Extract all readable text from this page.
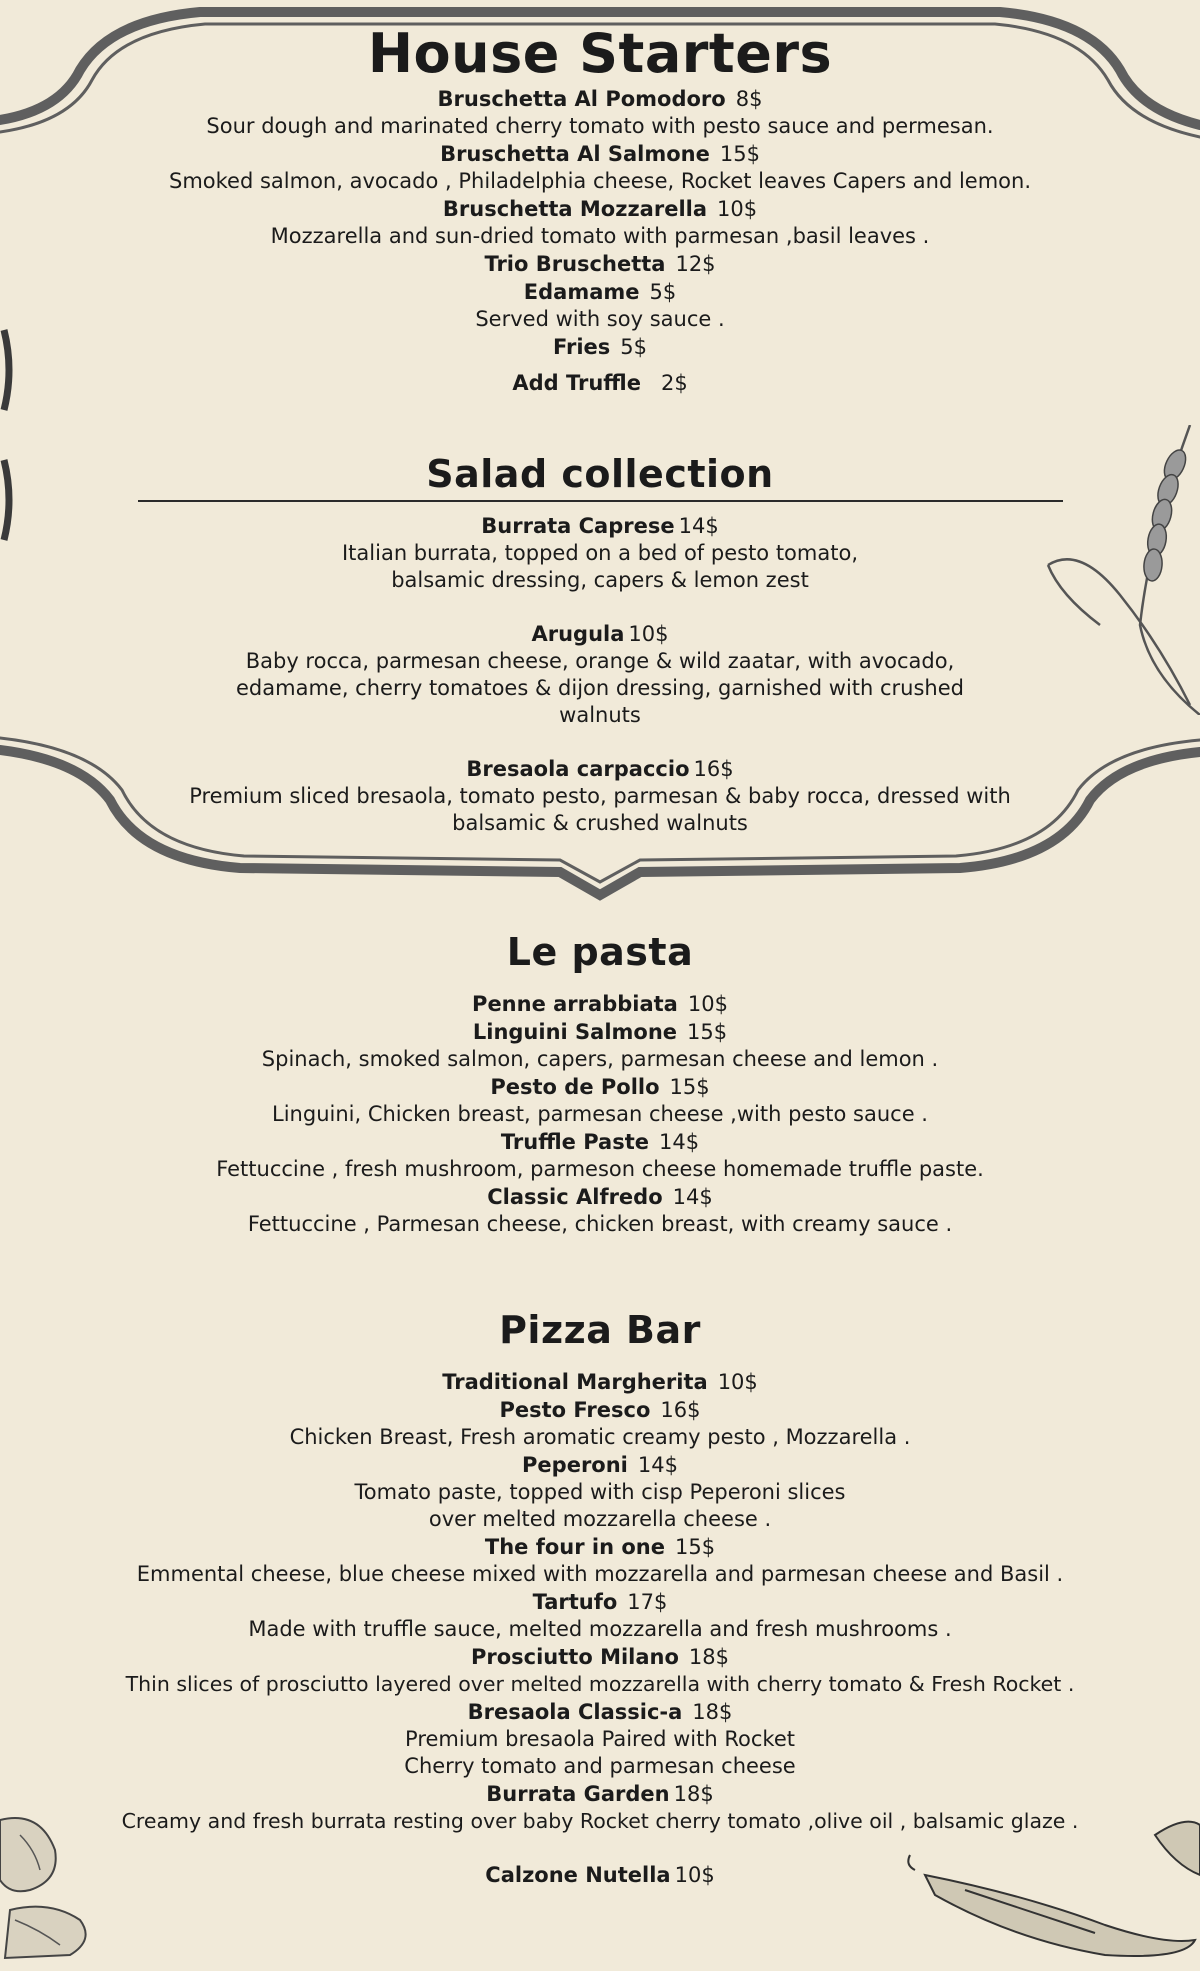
House Starters
Bruschetta Al Pomodoro 8$

Sour dough and marinated cherry tomato with pesto sauce and permesan.

Bruschetta Al Salmone 15$

Smoked salmon, avocado , Philadelphia cheese, Rocket leaves Capers and lemon.

Bruschetta Mozzarella 10$

Mozzarella and sun-dried tomato with parmesan ,basil leaves .

Trio Bruschetta 12$
Edamame 5$

Served with soy sauce .

Fries 5$
Add Truffle 2$
Salad collection
Burrata Caprese 14$

Italian burrata, topped on a bed of pesto tomato, balsamic dressing, capers & lemon zest

Arugula 10$

Baby rocca, parmesan cheese, orange & wild zaatar, with avocado, edamame, cherry tomatoes & dijon dressing, garnished with crushed walnuts

Bresaola carpaccio 16$

Premium sliced bresaola, tomato pesto, parmesan & baby rocca, dressed with balsamic & crushed walnuts

Le pasta
Penne arrabbiata 10$
Linguini Salmone 15$

Spinach, smoked salmon, capers, parmesan cheese and lemon .

Pesto de Pollo 15$

Linguini, Chicken breast, parmesan cheese ,with pesto sauce .

Truffle Paste 14$

Fettuccine , fresh mushroom, parmeson cheese homemade truffle paste.

Classic Alfredo 14$

Fettuccine , Parmesan cheese, chicken breast, with creamy sauce .

Pizza Bar
Traditional Margherita 10$
Pesto Fresco 16$

Chicken Breast, Fresh aromatic creamy pesto , Mozzarella .

Peperoni 14$

Tomato paste, topped with cisp Peperoni slices over melted mozzarella cheese .

The four in one 15$

Emmental cheese, blue cheese mixed with mozzarella and parmesan cheese and Basil .

Tartufo 17$

Made with truffle sauce, melted mozzarella and fresh mushrooms .

Prosciutto Milano 18$

Thin slices of prosciutto layered over melted mozzarella with cherry tomato & Fresh Rocket .

Bresaola Classic-a 18$

Premium bresaola Paired with Rocket Cherry tomato and parmesan cheese

Burrata Garden 18$

Creamy and fresh burrata resting over baby Rocket cherry tomato ,olive oil , balsamic glaze .

Calzone Nutella 10$
